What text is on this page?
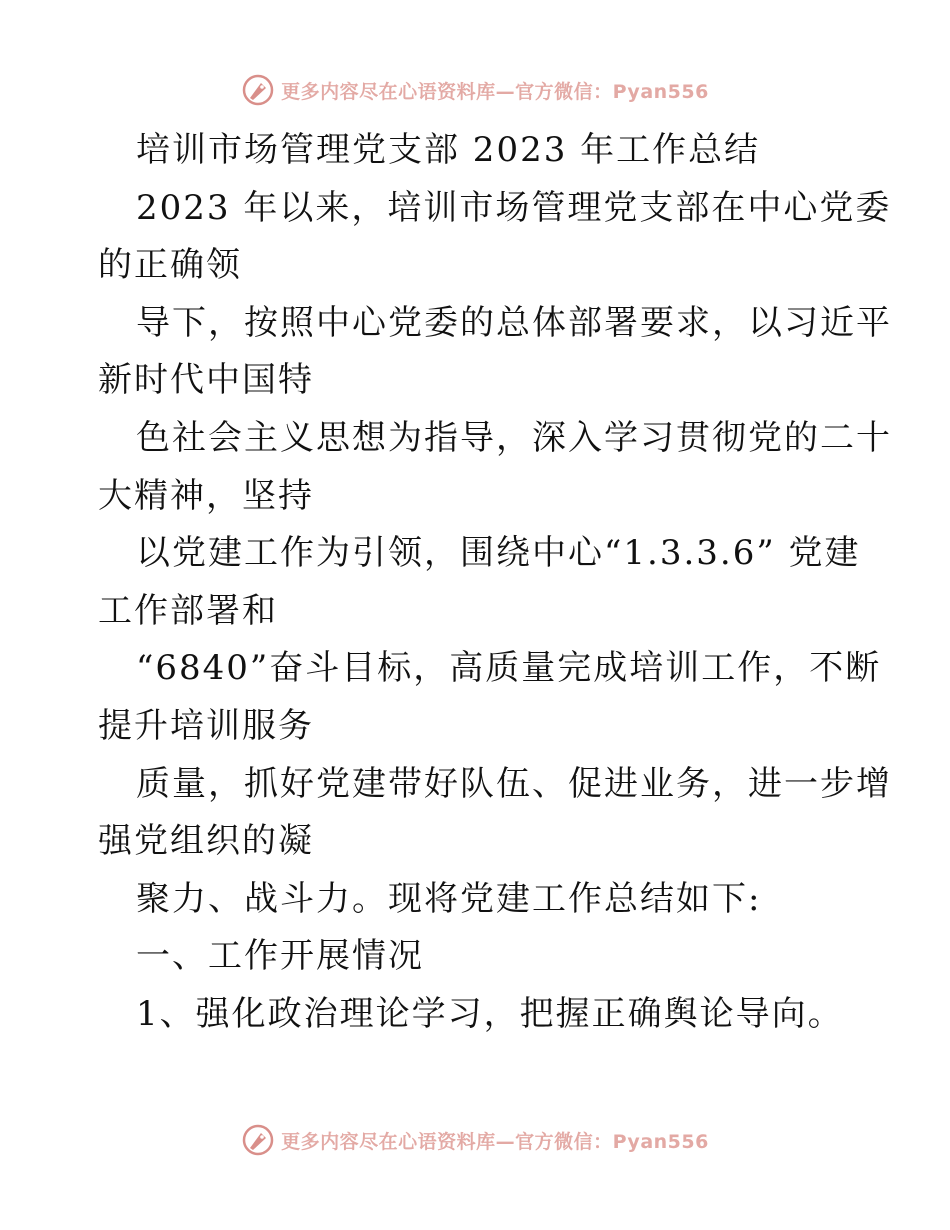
更多内容尽在心语资料库—官方微信：Pyan556
培训市场管理党支部 2023 年工作总结
2023 年以来，培训市场管理党支部在中心党委
的正确领
导下，按照中心党委的总体部署要求，以习近平
新时代中国特
色社会主义思想为指导，深入学习贯彻党的二十
大精神，坚持
以党建工作为引领，围绕中心“1.3.3.6” 党建
工作部署和
“6840”奋斗目标，高质量完成培训工作，不断
提升培训服务
质量，抓好党建带好队伍、促进业务，进一步增
强党组织的凝
聚力、战斗力。现将党建工作总结如下:
一、工作开展情况
1、强化政治理论学习，把握正确舆论导向。
更多内容尽在心语资料库—官方微信：Pyan556
